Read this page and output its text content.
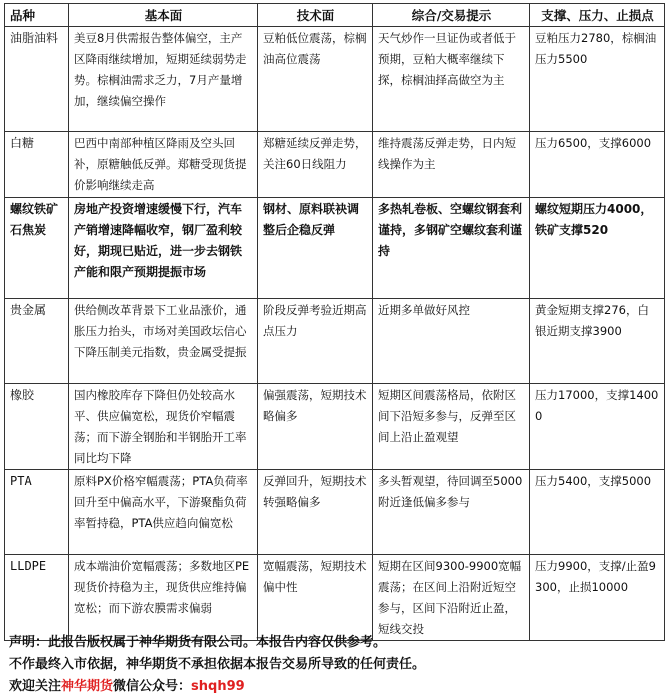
品种	基本面	技术面	综合/交易提示	支撑、压力、止损点
油脂油料	美豆8月供需报告整体偏空，主产区降雨继续增加，短期延续弱势走势。棕榈油需求乏力，7月产量增加，继续偏空操作	豆粕低位震荡，棕榈油高位震荡	天气炒作一旦证伪或者低于预期，豆粕大概率继续下探，棕榈油择高做空为主	豆粕压力2780，棕榈油压力5500
白糖	巴西中南部种植区降雨及空头回补，原糖触低反弹。郑糖受现货提价影响继续走高	郑糖延续反弹走势，关注60日线阻力	维持震荡反弹走势，日内短线操作为主	压力6500，支撑6000
螺纹铁矿石焦炭	房地产投资增速缓慢下行，汽车产销增速降幅收窄，钢厂盈利较好，期现已贴近，进一步去钢铁产能和限产预期提振市场	钢材、原料联袂调整后企稳反弹	多热轧卷板、空螺纹钢套利谨持，多钢矿空螺纹套利谨持	螺纹短期压力4000，铁矿支撑520
贵金属	供给侧改革背景下工业品涨价，通胀压力抬头，市场对美国政坛信心下降压制美元指数，贵金属受提振	阶段反弹考验近期高点压力	近期多单做好风控	黄金短期支撑276，白银近期支撑3900
橡胶	国内橡胶库存下降但仍处较高水平、供应偏宽松，现货价窄幅震荡；而下游全钢胎和半钢胎开工率同比均下降	偏强震荡，短期技术略偏多	短期区间震荡格局，依附区间下沿短多参与，反弹至区间上沿止盈观望	压力17000，支撑14000
PTA	原料PX价格窄幅震荡；PTA负荷率回升至中偏高水平，下游聚酯负荷率暂持稳，PTA供应趋向偏宽松	反弹回升，短期技术转强略偏多	多头暂观望，待回调至5000附近逢低偏多参与	压力5400，支撑5000
LLDPE	成本端油价宽幅震荡；多数地区PE现货价持稳为主，现货供应维持偏宽松；而下游农膜需求偏弱	宽幅震荡，短期技术偏中性	短期在区间9300-9900宽幅震荡；在区间上沿附近短空参与，区间下沿附近止盈，短线交投	压力9900，支撑/止盈9300，止损10000
声明：此报告版权属于神华期货有限公司。本报告内容仅供参考。
不作最终入市依据，神华期货不承担依据本报告交易所导致的任何责任。
欢迎关注神华期货微信公众号：shqh99
